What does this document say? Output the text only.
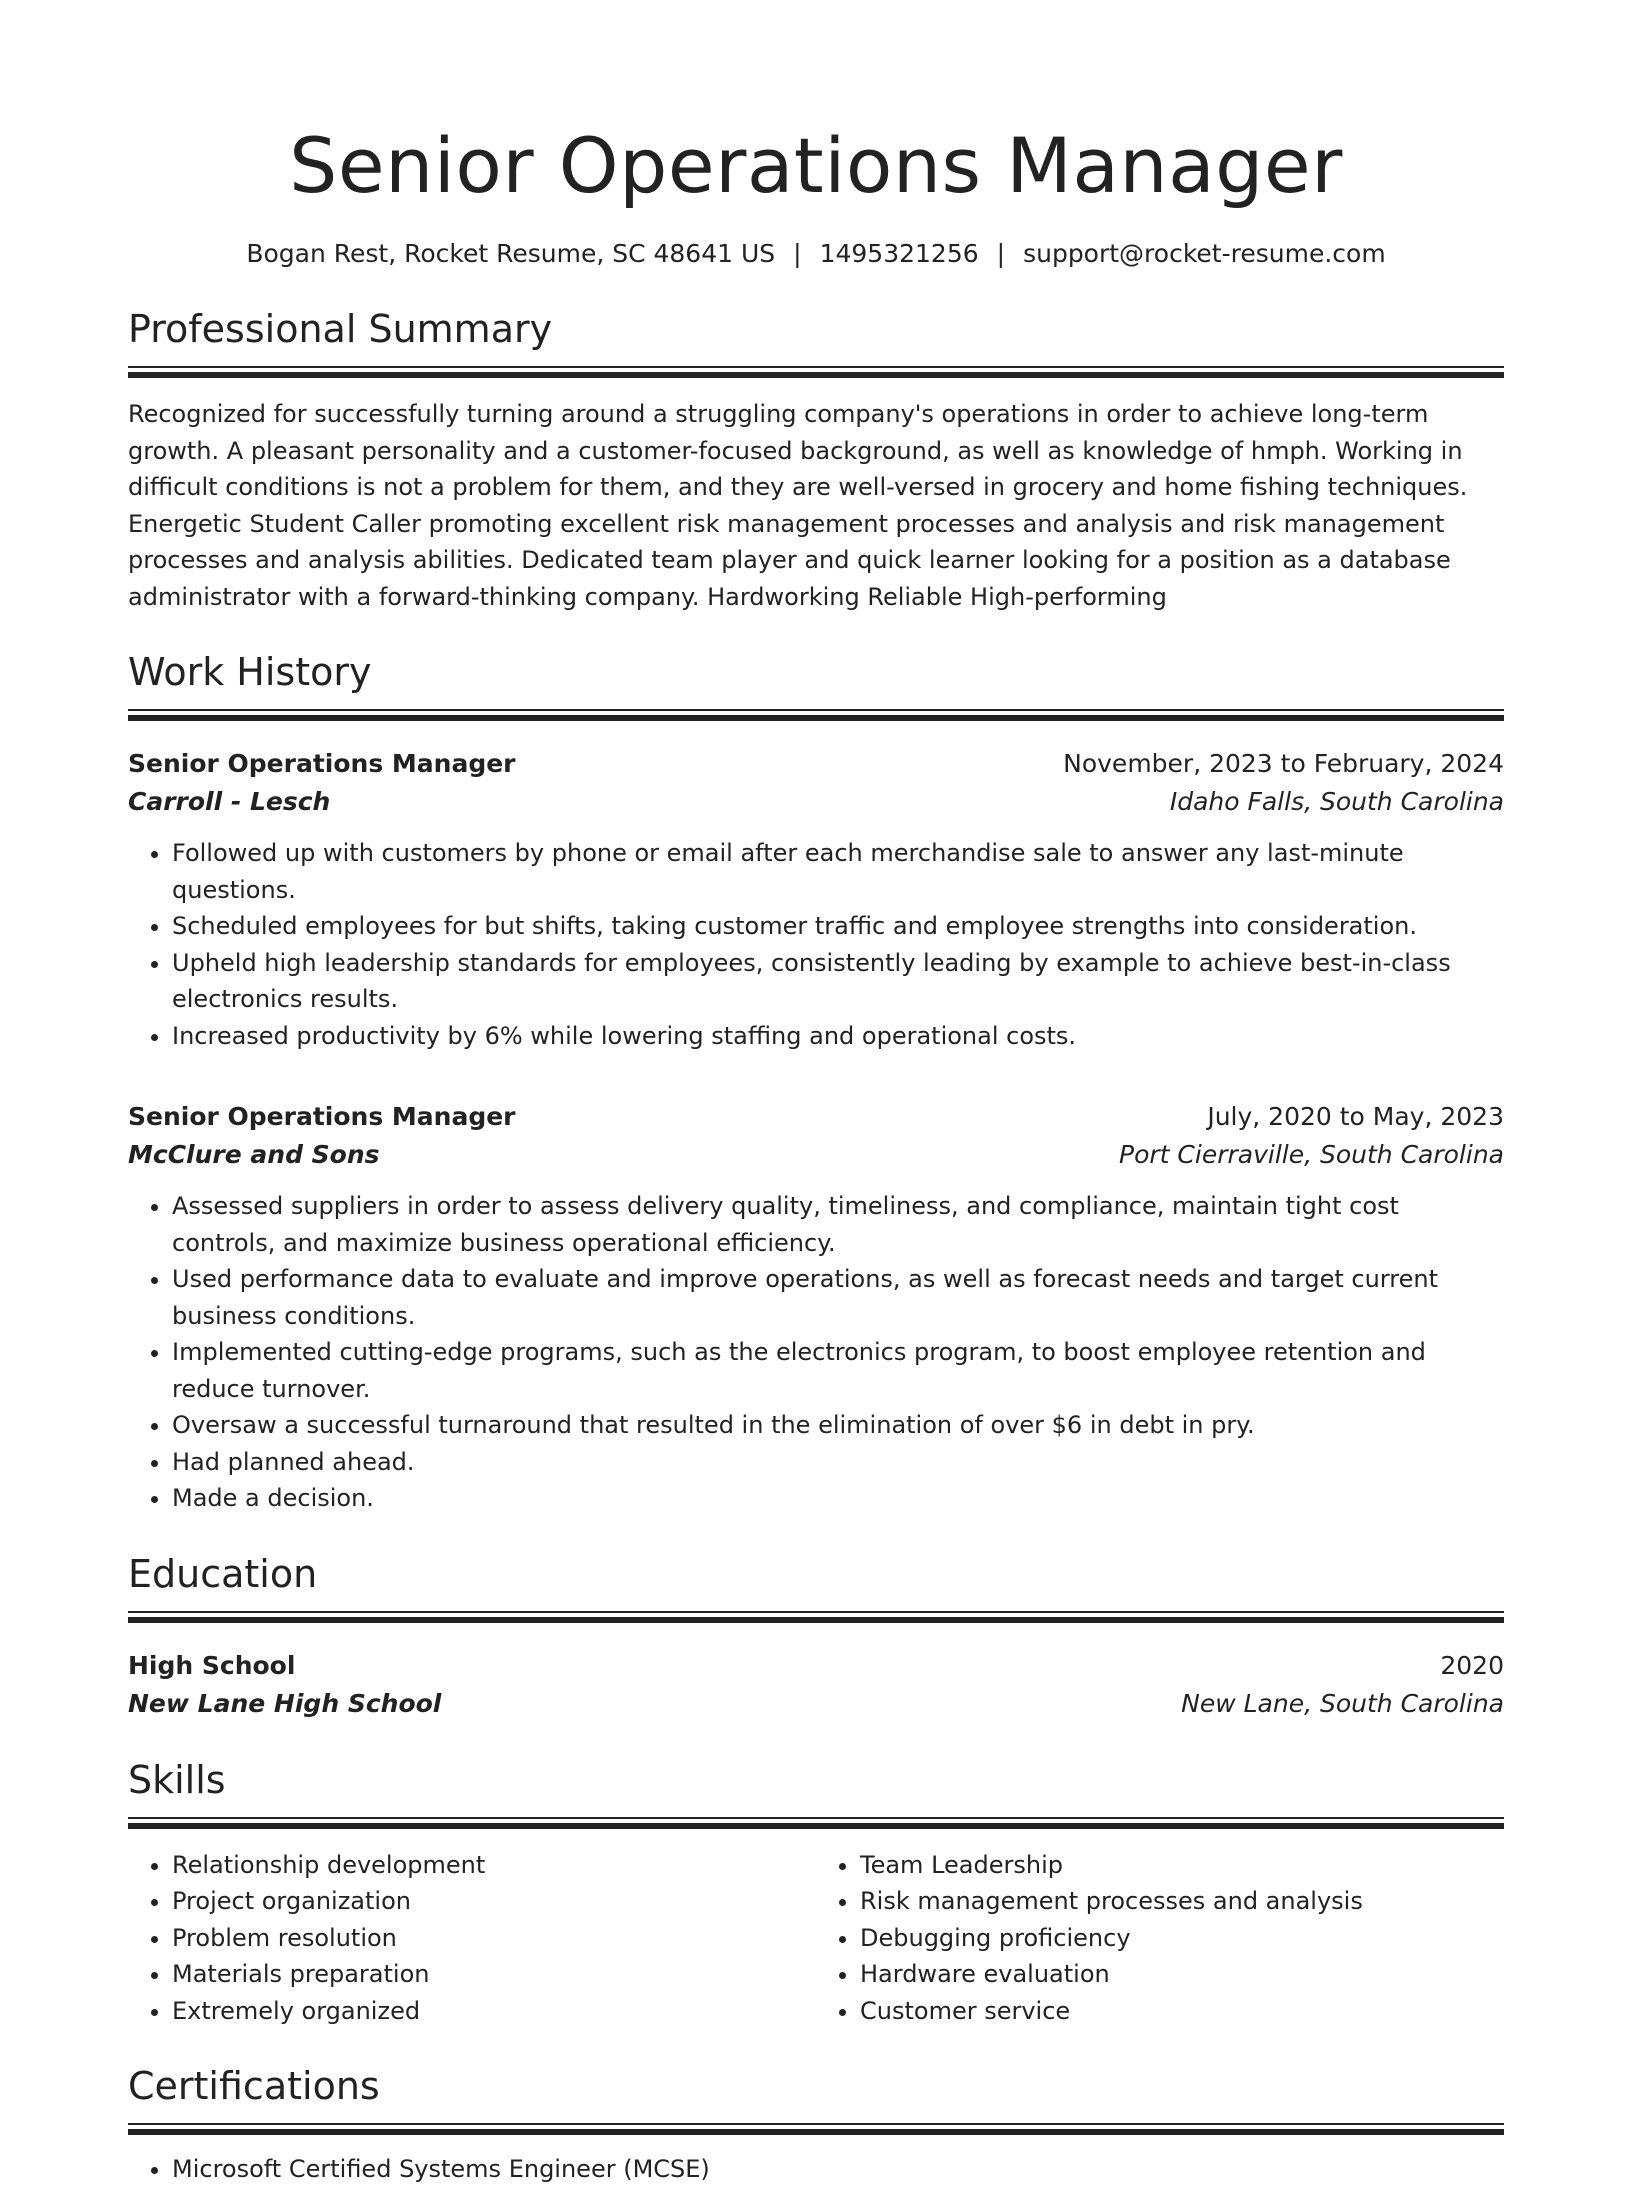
Senior Operations Manager
Bogan Rest, Rocket Resume, SC 48641 US | 1495321256 | support@rocket-resume.com
Professional Summary
Recognized for successfully turning around a struggling company's operations in order to achieve long-term growth. A pleasant personality and a customer-focused background, as well as knowledge of hmph. Working in difficult conditions is not a problem for them, and they are well-versed in grocery and home fishing techniques. Energetic Student Caller promoting excellent risk management processes and analysis and risk management processes and analysis abilities. Dedicated team player and quick learner looking for a position as a database administrator with a forward-thinking company. Hardworking Reliable High-performing
Work History
Senior Operations Manager	November, 2023 to February, 2024
Carroll - Lesch	Idaho Falls, South Carolina
• Followed up with customers by phone or email after each merchandise sale to answer any last-minute questions.
• Scheduled employees for but shifts, taking customer traffic and employee strengths into consideration.
• Upheld high leadership standards for employees, consistently leading by example to achieve best-in-class electronics results.
• Increased productivity by 6% while lowering staffing and operational costs.
Senior Operations Manager	July, 2020 to May, 2023
McClure and Sons	Port Cierraville, South Carolina
• Assessed suppliers in order to assess delivery quality, timeliness, and compliance, maintain tight cost controls, and maximize business operational efficiency.
• Used performance data to evaluate and improve operations, as well as forecast needs and target current business conditions.
• Implemented cutting-edge programs, such as the electronics program, to boost employee retention and reduce turnover.
• Oversaw a successful turnaround that resulted in the elimination of over $6 in debt in pry.
• Had planned ahead.
• Made a decision.
Education
High School	2020
New Lane High School	New Lane, South Carolina
Skills
• Relationship development
• Project organization
• Problem resolution
• Materials preparation
• Extremely organized
• Team Leadership
• Risk management processes and analysis
• Debugging proficiency
• Hardware evaluation
• Customer service
Certifications
• Microsoft Certified Systems Engineer (MCSE)
